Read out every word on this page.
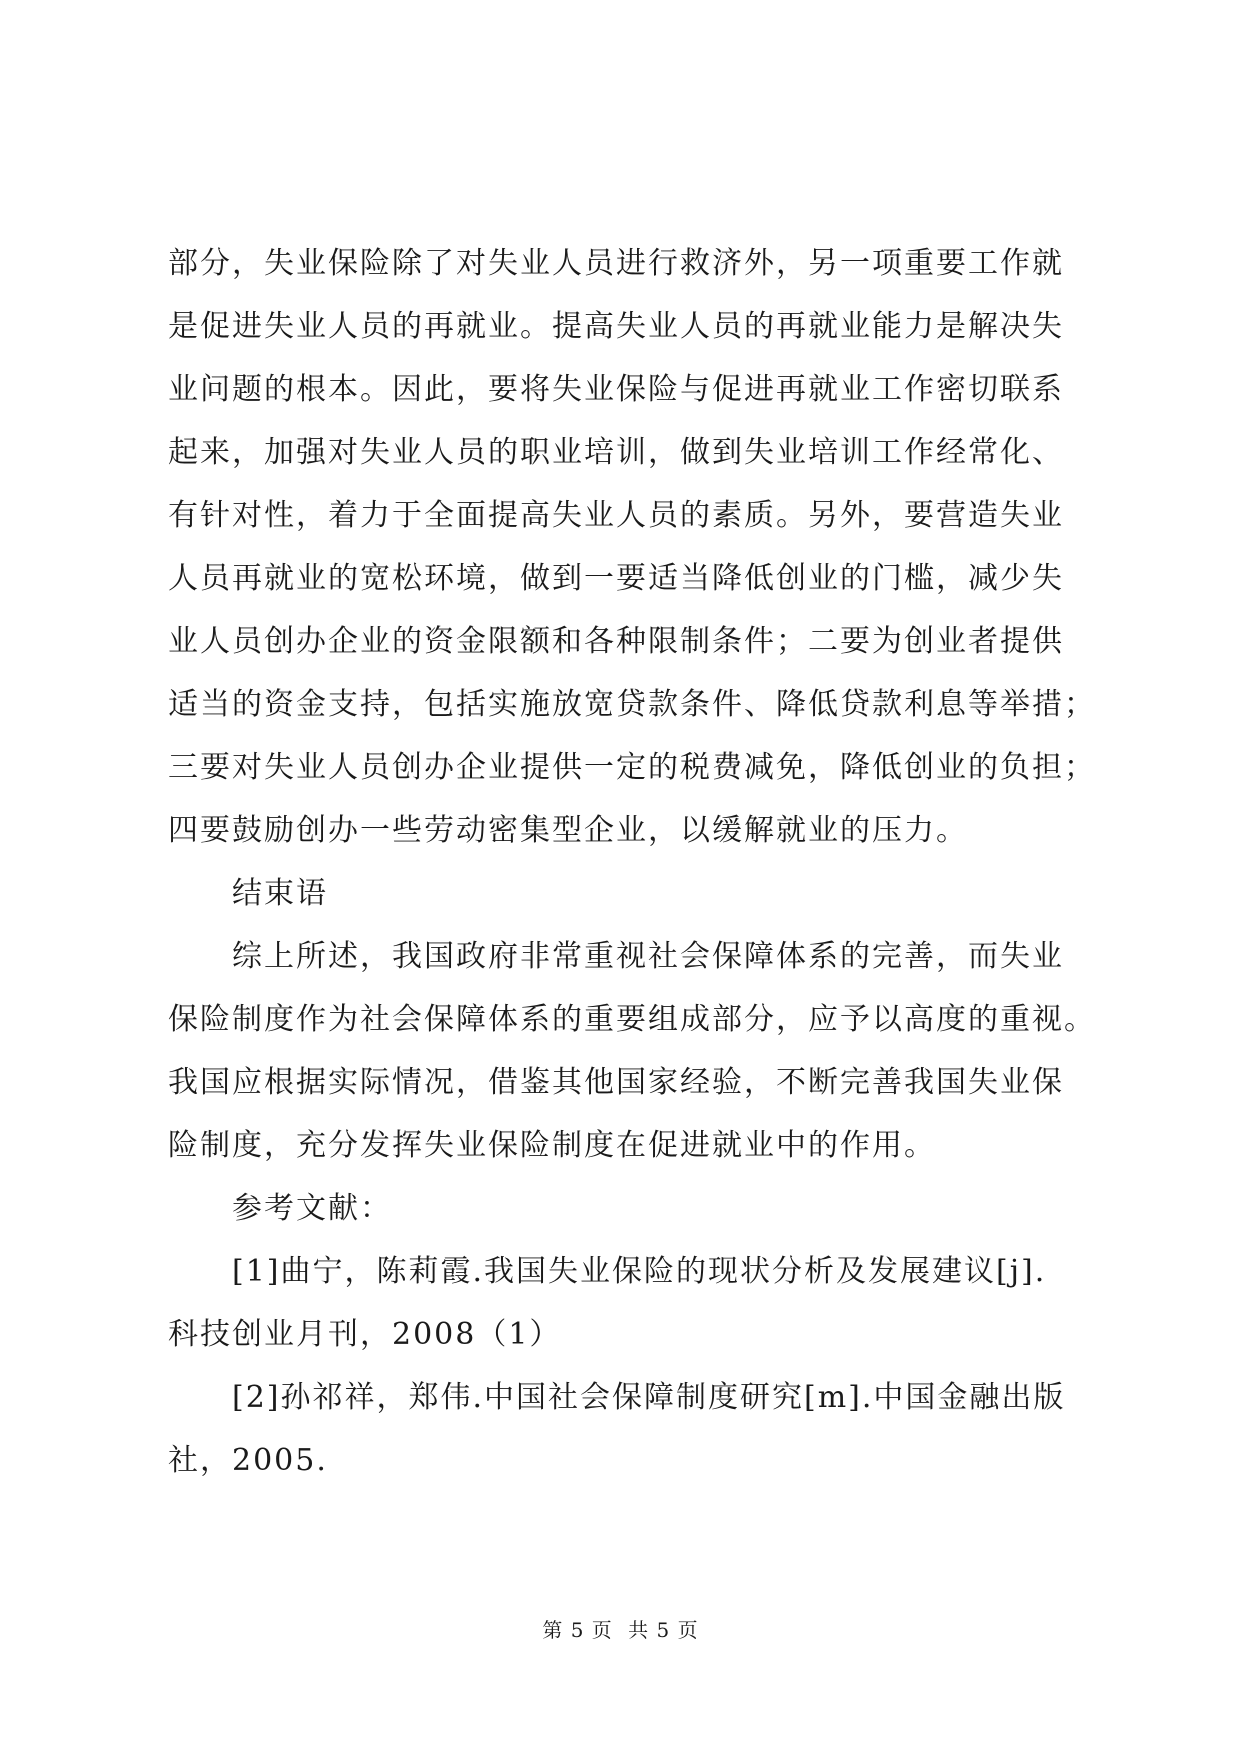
部分，失业保险除了对失业人员进行救济外，另一项重要工作就
是促进失业人员的再就业。提高失业人员的再就业能力是解决失
业问题的根本。因此，要将失业保险与促进再就业工作密切联系
起来，加强对失业人员的职业培训，做到失业培训工作经常化、
有针对性，着力于全面提高失业人员的素质。另外，要营造失业
人员再就业的宽松环境，做到一要适当降低创业的门槛，减少失
业人员创办企业的资金限额和各种限制条件；二要为创业者提供
适当的资金支持，包括实施放宽贷款条件、降低贷款利息等举措；
三要对失业人员创办企业提供一定的税费减免，降低创业的负担；
四要鼓励创办一些劳动密集型企业，以缓解就业的压力。
结束语
综上所述，我国政府非常重视社会保障体系的完善，而失业
保险制度作为社会保障体系的重要组成部分，应予以高度的重视。
我国应根据实际情况，借鉴其他国家经验，不断完善我国失业保
险制度，充分发挥失业保险制度在促进就业中的作用。
参考文献：
[1]曲宁，陈莉霞.我国失业保险的现状分析及发展建议[j].
科技创业月刊，2008（1）
[2]孙祁祥，郑伟.中国社会保障制度研究[m].中国金融出版
社，2005.
第 5 页 共 5 页
